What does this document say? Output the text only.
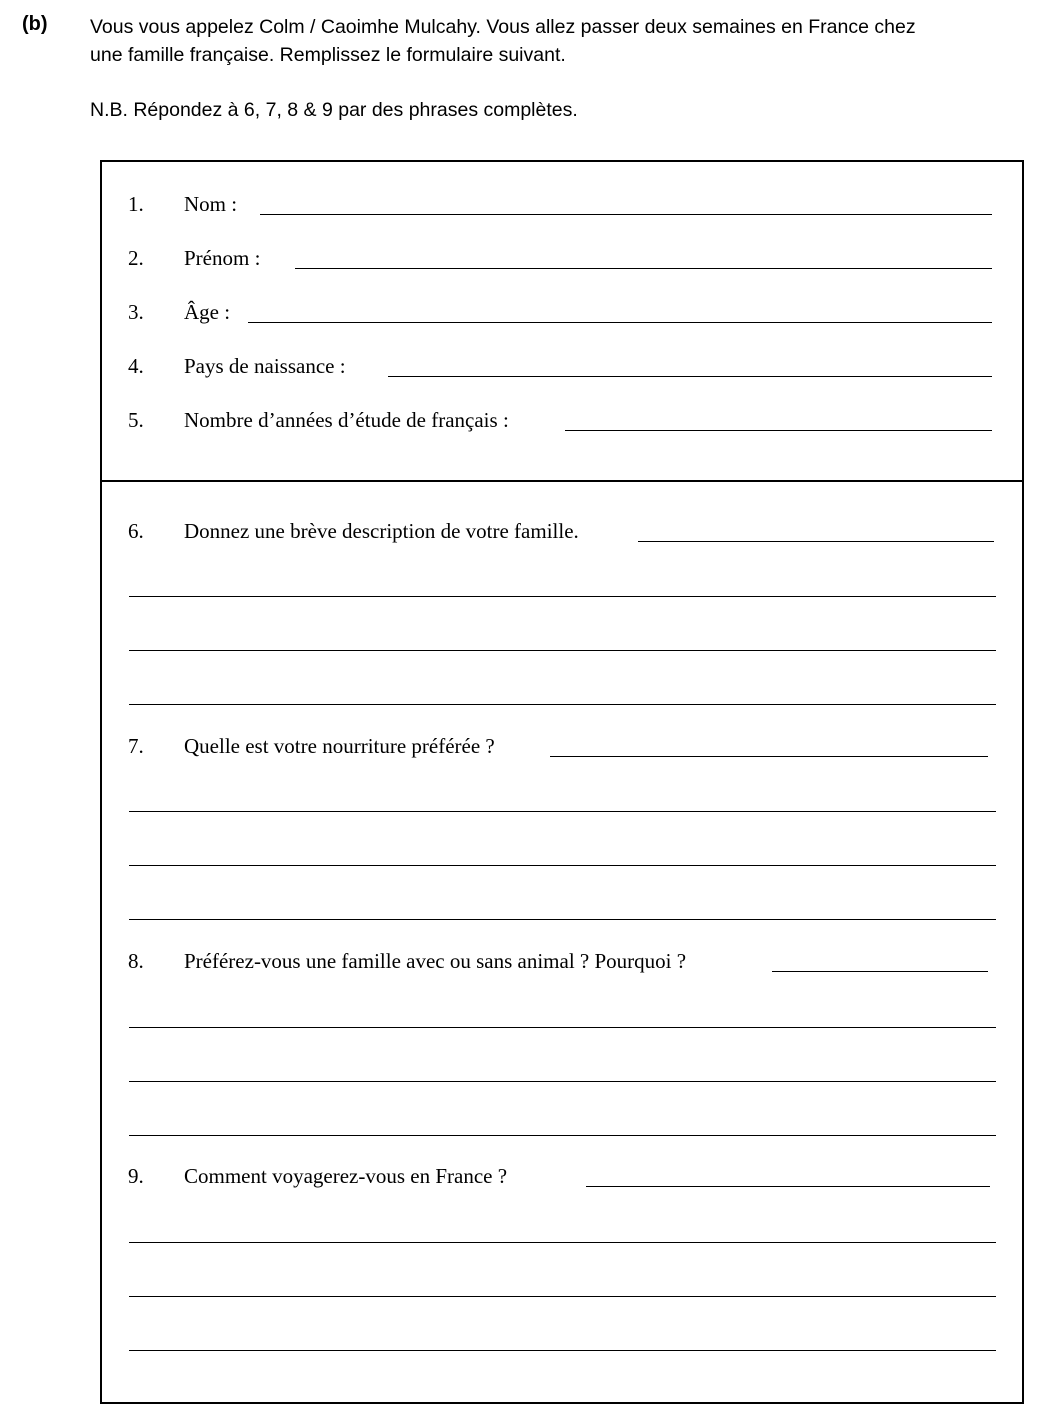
(b) Vous vous appelez Colm / Caoimhe Mulcahy. Vous allez passer deux semaines en France chez
une famille française. Remplissez le formulaire suivant.
N.B. Répondez à 6, 7, 8 & 9 par des phrases complètes.
1. Nom :
2. Prénom :
3. Âge :
4. Pays de naissance :
5. Nombre d’années d’étude de français :
6. Donnez une brève description de votre famille.
7. Quelle est votre nourriture préférée ?
8. Préférez-vous une famille avec ou sans animal ? Pourquoi ?
9. Comment voyagerez-vous en France ?
